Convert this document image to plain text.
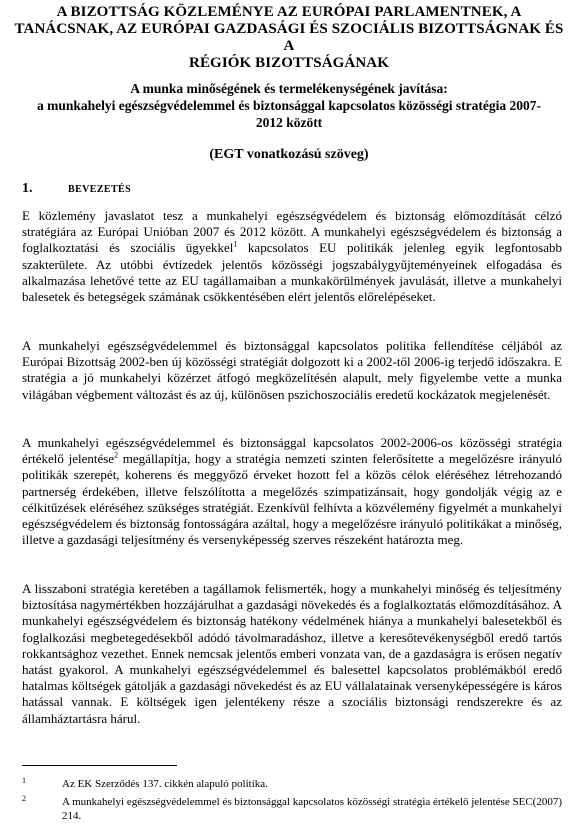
A BIZOTTSÁG KÖZLEMÉNYE AZ EURÓPAI PARLAMENTNEK, A
TANÁCSNAK, AZ EURÓPAI GAZDASÁGI ÉS SZOCIÁLIS BIZOTTSÁGNAK ÉS A
RÉGIÓK BIZOTTSÁGÁNAK
A munka minőségének és termelékenységének javítása:
a munkahelyi egészségvédelemmel és biztonsággal kapcsolatos közösségi stratégia 2007-
2012 között
(EGT vonatkozású szöveg)
1.	BEVEZETÉS
E közlemény javaslatot tesz a munkahelyi egészségvédelem és biztonság előmozdítását célzó stratégiára az Európai Unióban 2007 és 2012 között. A munkahelyi egészségvédelem és biztonság a foglalkoztatási és szociális ügyekkel$^1$ kapcsolatos EU politikák jelenleg egyik legfontosabb szakterülete. Az utóbbi évtizedek jelentős közösségi jogszabálygyűjteményeinek elfogadása és alkalmazása lehetővé tette az EU tagállamaiban a munkakörülmények javulását, illetve a munkahelyi balesetek és betegségek számának csökkentésében elért jelentős előrelépéseket.
A munkahelyi egészségvédelemmel és biztonsággal kapcsolatos politika fellendítése céljából az Európai Bizottság 2002-ben új közösségi stratégiát dolgozott ki a 2002-től 2006-ig terjedő időszakra. E stratégia a jó munkahelyi közérzet átfogó megközelítésén alapult, mely figyelembe vette a munka világában végbement változást és az új, különösen pszichoszociális eredetű kockázatok megjelenését.
A munkahelyi egészségvédelemmel és biztonsággal kapcsolatos 2002-2006-os közösségi stratégia értékelő jelentése$^2$ megállapítja, hogy a stratégia nemzeti szinten felerősítette a megelőzésre irányuló politikák szerepét, koherens és meggyőző érveket hozott fel a közös célok eléréséhez létrehozandó partnerség érdekében, illetve felszólította a megelőzés szimpatizánsait, hogy gondolják végig az e célkitűzések eléréséhez szükséges stratégiát. Ezenkívül felhívta a közvélemény figyelmét a munkahelyi egészségvédelem és biztonság fontosságára azáltal, hogy a megelőzésre irányuló politikákat a minőség, illetve a gazdasági teljesítmény és versenyképesség szerves részeként határozta meg.
A lisszaboni stratégia keretében a tagállamok felismerték, hogy a munkahelyi minőség és teljesítmény biztosítása nagymértékben hozzájárulhat a gazdasági növekedés és a foglalkoztatás előmozdításához. A munkahelyi egészségvédelem és biztonság hatékony védelmének hiánya a munkahelyi balesetekből és foglalkozási megbetegedésekből adódó távolmaradáshoz, illetve a keresőtevékenységből eredő tartós rokkantsághoz vezethet. Ennek nemcsak jelentős emberi vonzata van, de a gazdaságra is erősen negatív hatást gyakorol. A munkahelyi egészségvédelemmel és balesettel kapcsolatos problémákból eredő hatalmas költségek gátolják a gazdasági növekedést és az EU vállalatainak versenyképességére is káros hatással vannak. E költségek igen jelentékeny része a szociális biztonsági rendszerekre és az államháztartásra hárul.
1	Az EK Szerződés 137. cikkén alapuló politika.
2	A munkahelyi egészségvédelemmel és biztonsággal kapcsolatos közösségi stratégia értékelő jelentése SEC(2007) 214.
